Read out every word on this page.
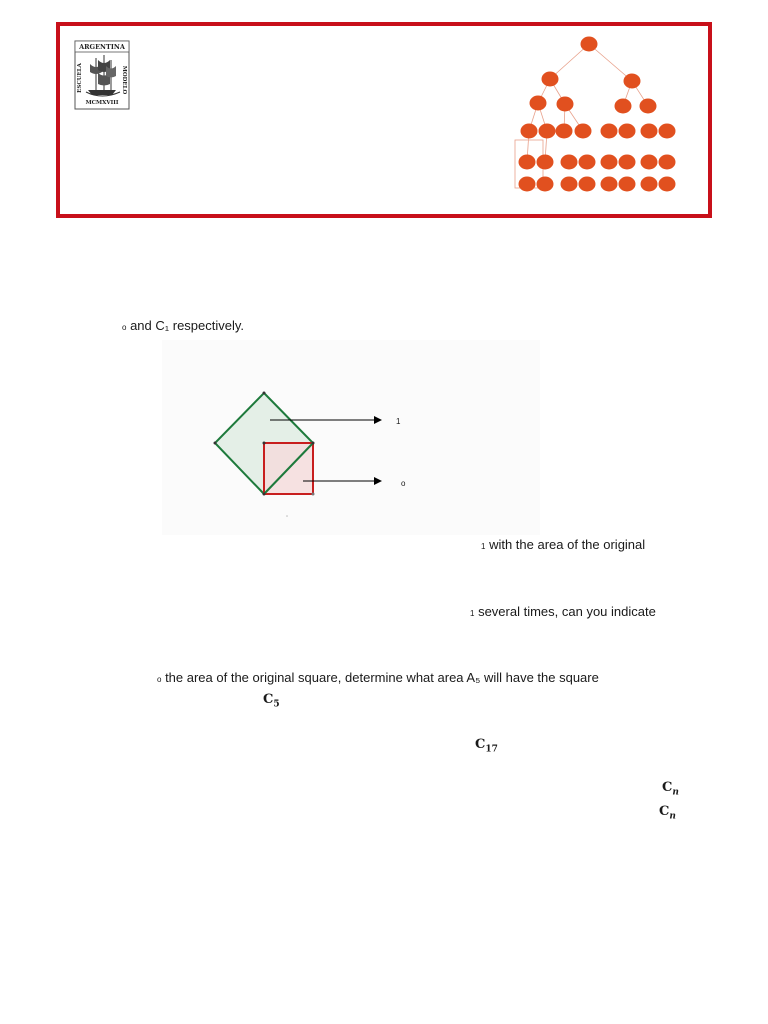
ARGENTINA
ESCUELA	MODELO
MCMXVIII
o and C₁ respectively.
1
o
1 with the area of the original
1 several times, can you indicate
o the area of the original square, determine what area A₅ will have the square
$C_5$
$C_{17}$
$C_n$
$C_n$
